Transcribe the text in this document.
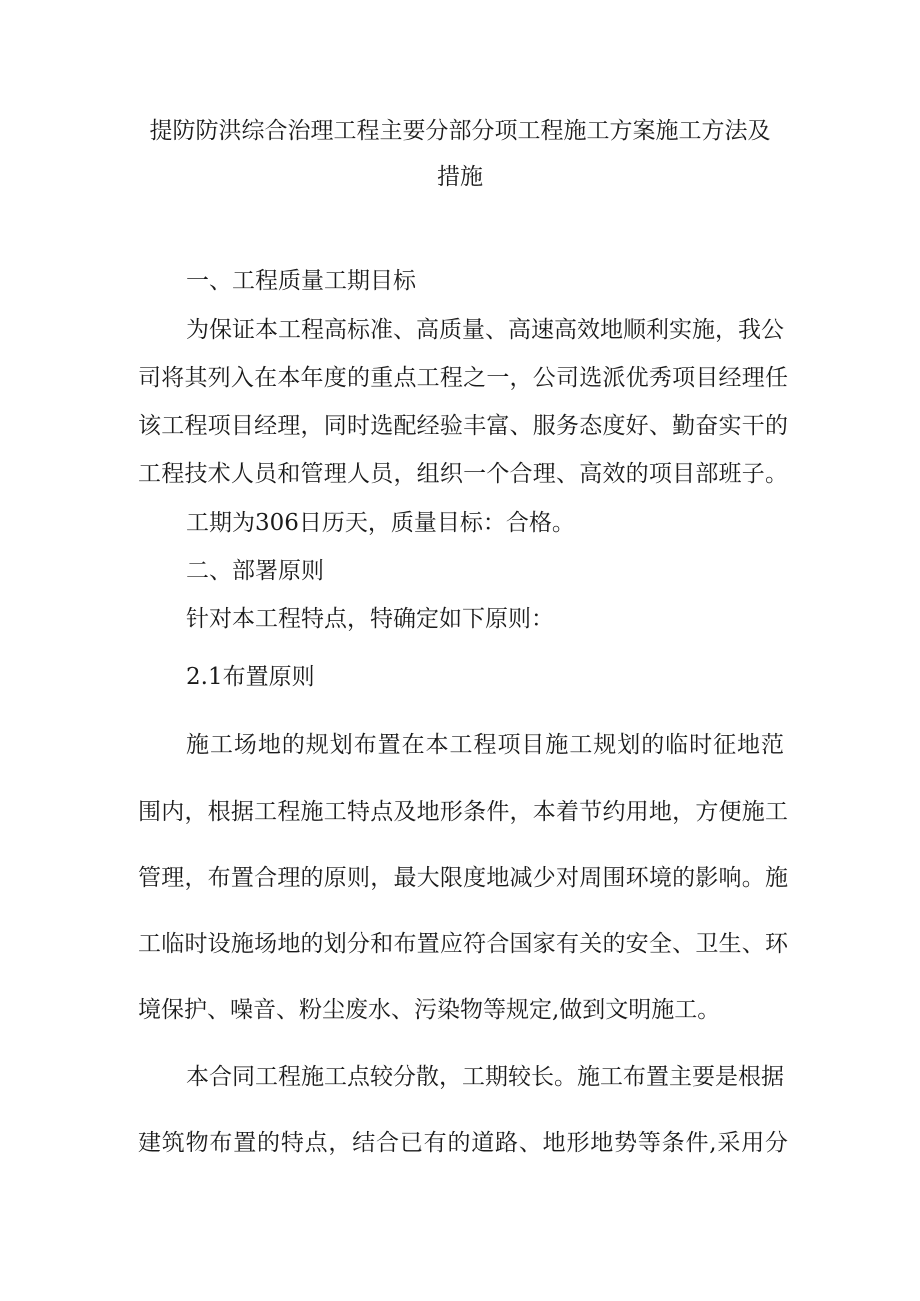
提防防洪综合治理工程主要分部分项工程施工方案施工方法及
措施
一、工程质量工期目标
为保证本工程高标准、高质量、高速高效地顺利实施，我公
司将其列入在本年度的重点工程之一，公司选派优秀项目经理任
该工程项目经理，同时选配经验丰富、服务态度好、勤奋实干的
工程技术人员和管理人员，组织一个合理、高效的项目部班子。
工期为306日历天，质量目标：合格。
二、部署原则
针对本工程特点，特确定如下原则：
2.1布置原则
施工场地的规划布置在本工程项目施工规划的临时征地范
围内，根据工程施工特点及地形条件，本着节约用地，方便施工
管理，布置合理的原则，最大限度地减少对周围环境的影响。施
工临时设施场地的划分和布置应符合国家有关的安全、卫生、环
境保护、噪音、粉尘废水、污染物等规定,做到文明施工。
本合同工程施工点较分散，工期较长。施工布置主要是根据
建筑物布置的特点，结合已有的道路、地形地势等条件,采用分
